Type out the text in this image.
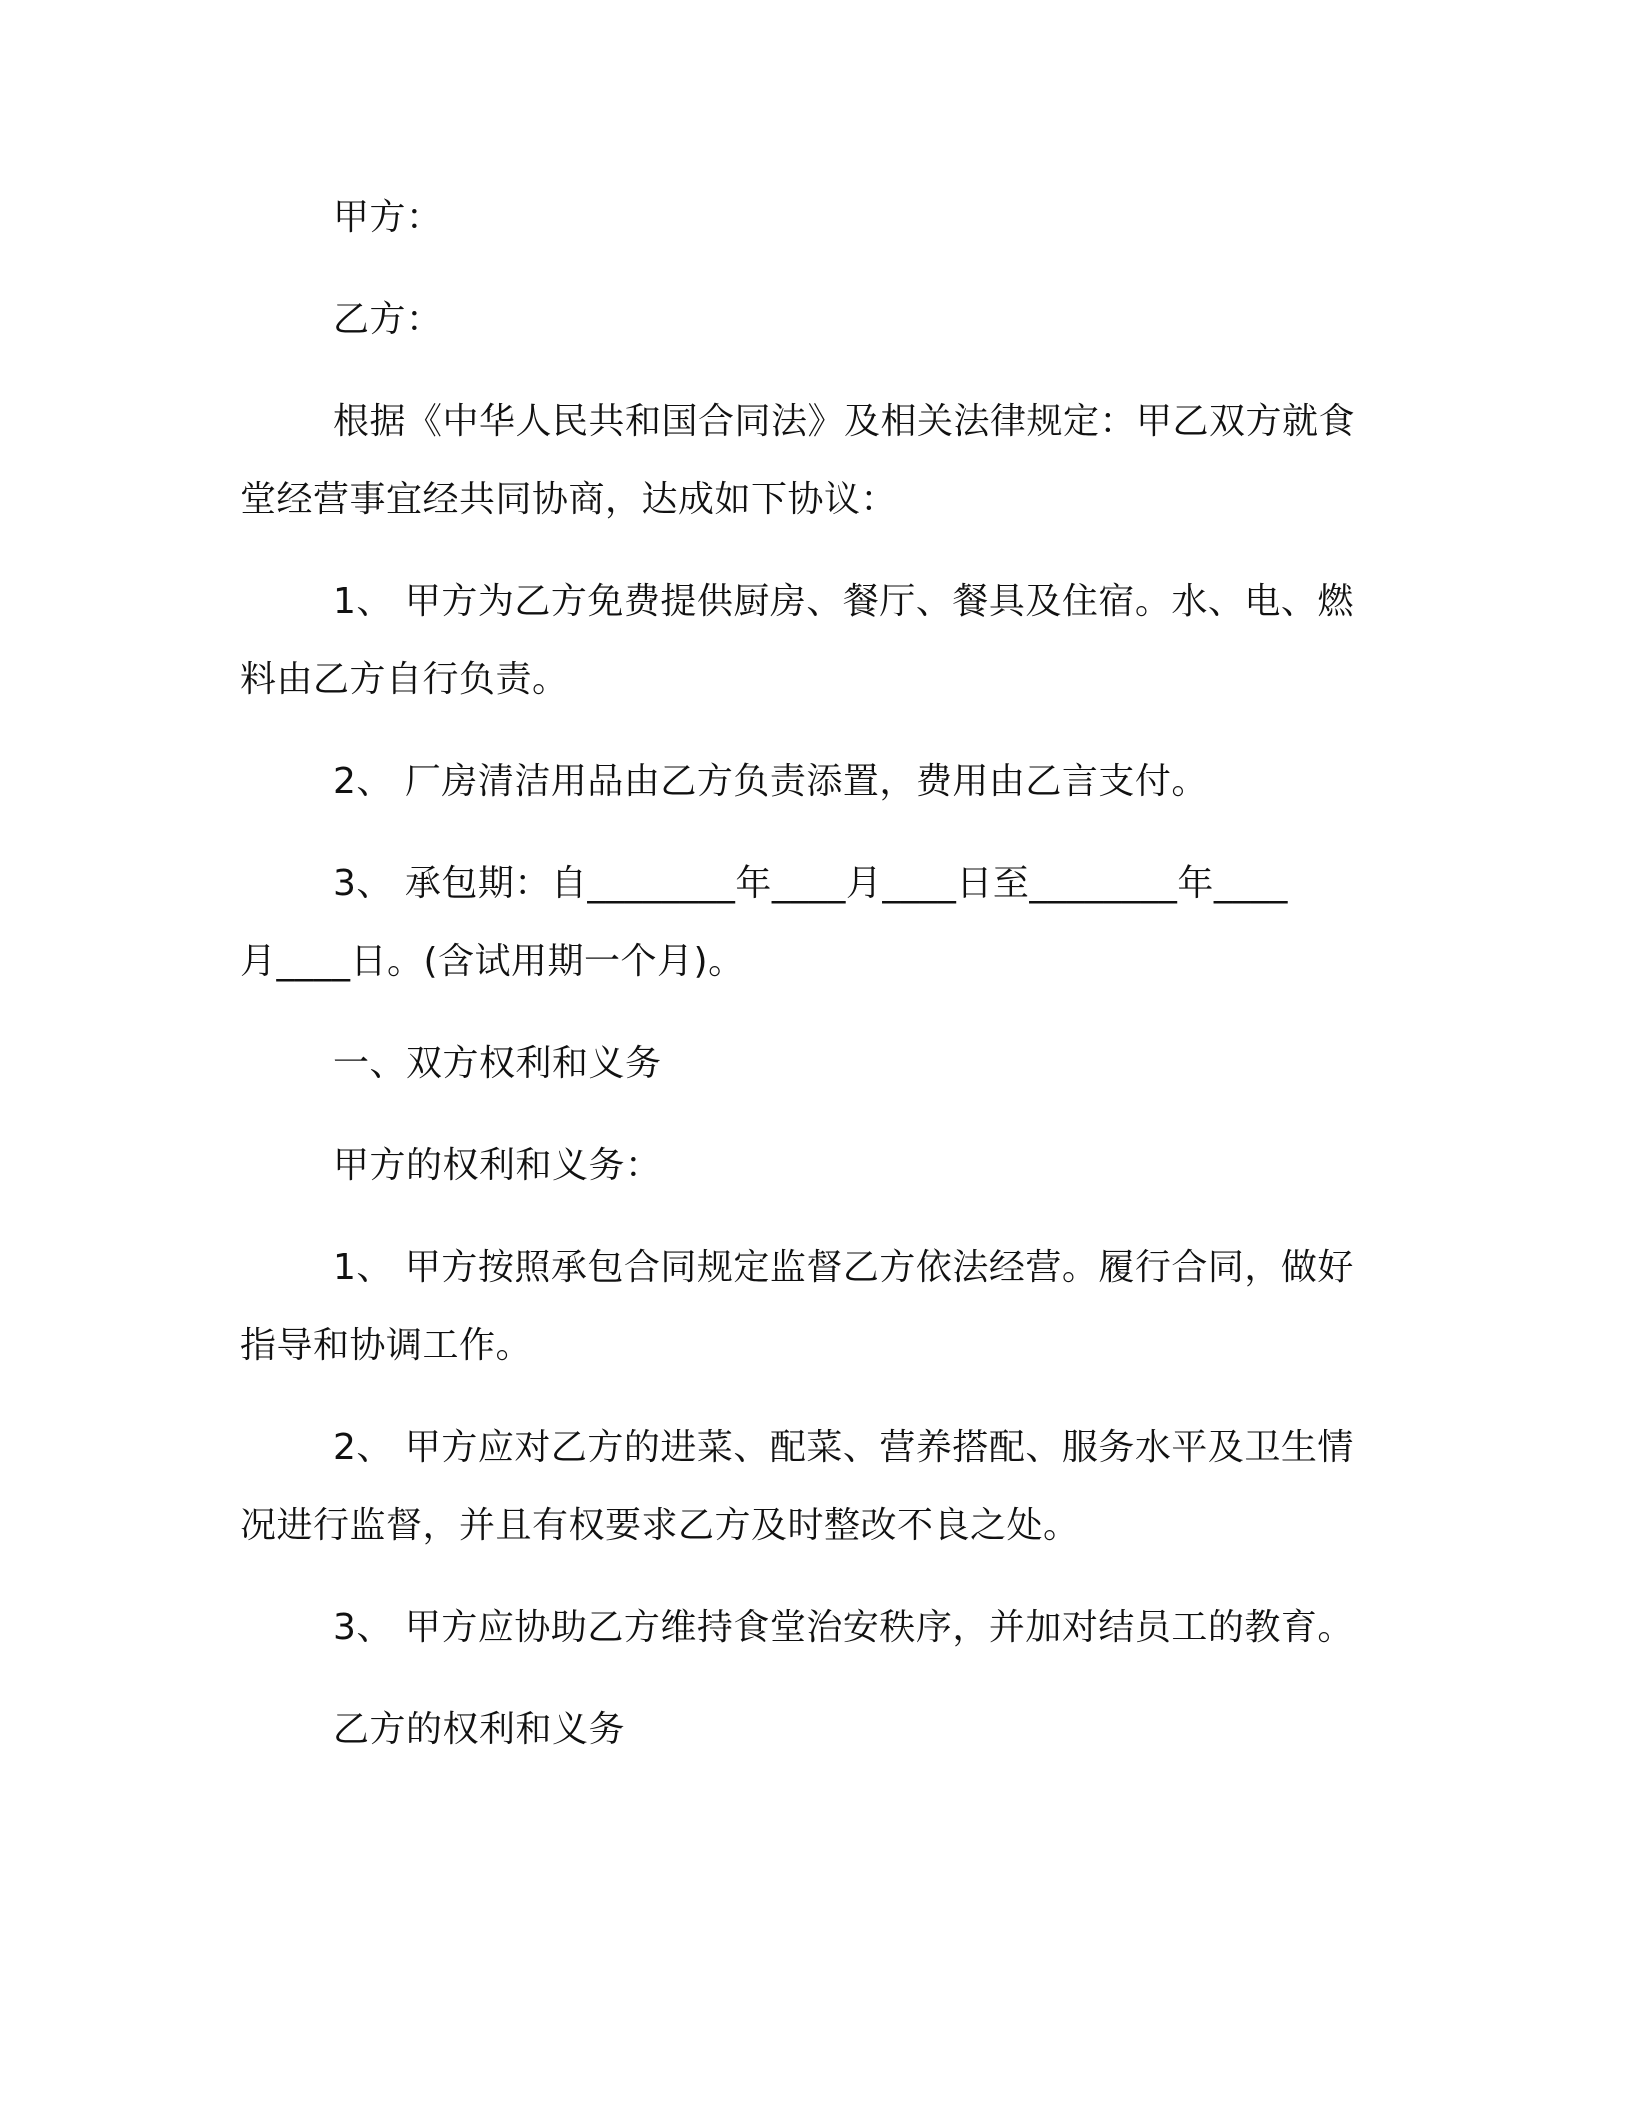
甲方：

乙方：

根据《中华人民共和国合同法》及相关法律规定：甲乙双方就食

堂经营事宜经共同协商，达成如下协议：

1、 甲方为乙方免费提供厨房、餐厅、餐具及住宿。水、电、燃

料由乙方自行负责。

2、 厂房清洁用品由乙方负责添置，费用由乙言支付。

3、 承包期：自________年____月____日至________年____

月____日。(含试用期一个月)。

一、双方权利和义务

甲方的权利和义务：

1、 甲方按照承包合同规定监督乙方依法经营。履行合同，做好

指导和协调工作。

2、 甲方应对乙方的进菜、配菜、营养搭配、服务水平及卫生情

况进行监督，并且有权要求乙方及时整改不良之处。

3、 甲方应协助乙方维持食堂治安秩序，并加对结员工的教育。

乙方的权利和义务
